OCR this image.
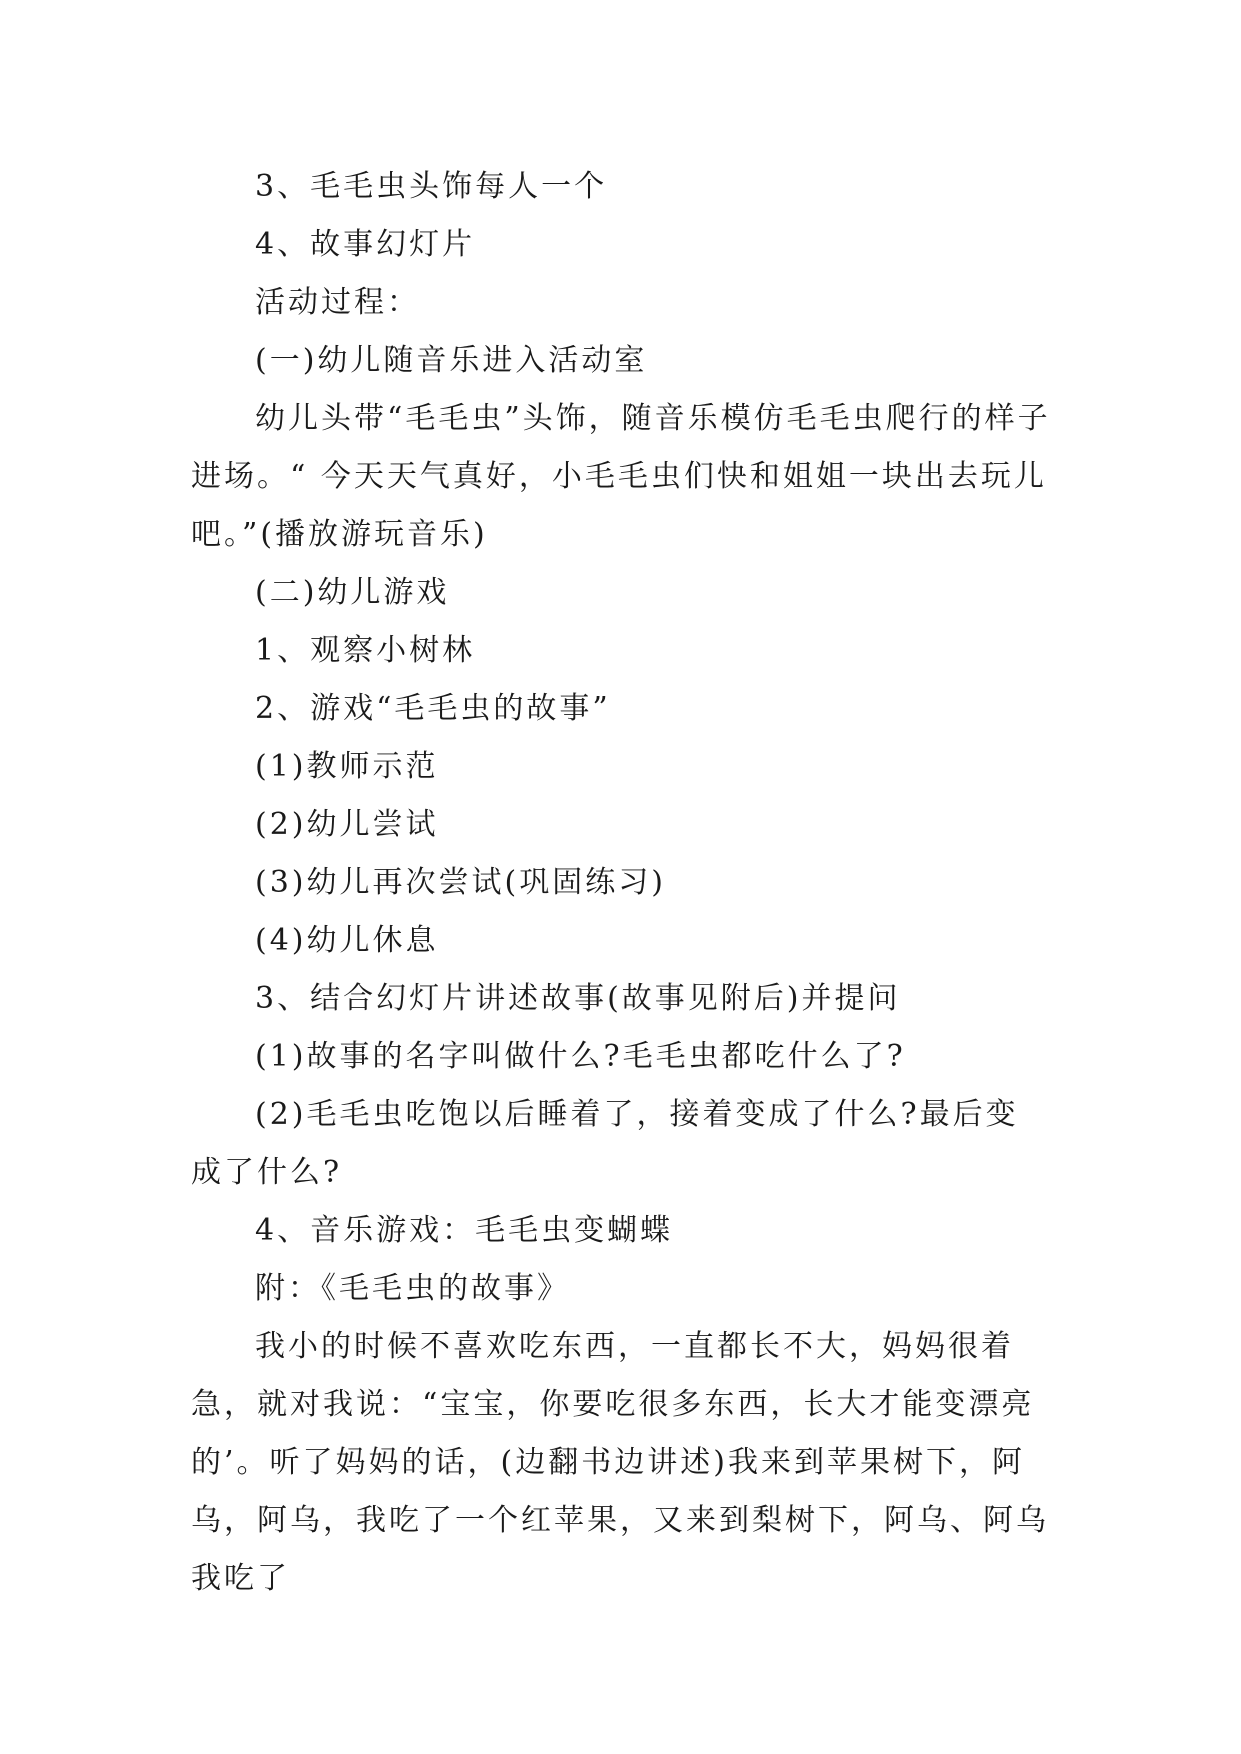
3、毛毛虫头饰每人一个

4、故事幻灯片

活动过程：

(一)幼儿随音乐进入活动室

幼儿头带“毛毛虫”头饰，随音乐模仿毛毛虫爬行的样子进场。“ 今天天气真好，小毛毛虫们快和姐姐一块出去玩儿吧。”(播放游玩音乐)

(二)幼儿游戏

1、观察小树林

2、游戏“毛毛虫的故事”

(1)教师示范

(2)幼儿尝试

(3)幼儿再次尝试(巩固练习)

(4)幼儿休息

3、结合幻灯片讲述故事(故事见附后)并提问

(1)故事的名字叫做什么?毛毛虫都吃什么了?

(2)毛毛虫吃饱以后睡着了，接着变成了什么?最后变成了什么?

4、音乐游戏：毛毛虫变蝴蝶

附：《毛毛虫的故事》

我小的时候不喜欢吃东西，一直都长不大，妈妈很着急，就对我说：“宝宝，你要吃很多东西，长大才能变漂亮的’。听了妈妈的话，(边翻书边讲述)我来到苹果树下，阿乌，阿乌，我吃了一个红苹果，又来到梨树下，阿乌、阿乌我吃了
